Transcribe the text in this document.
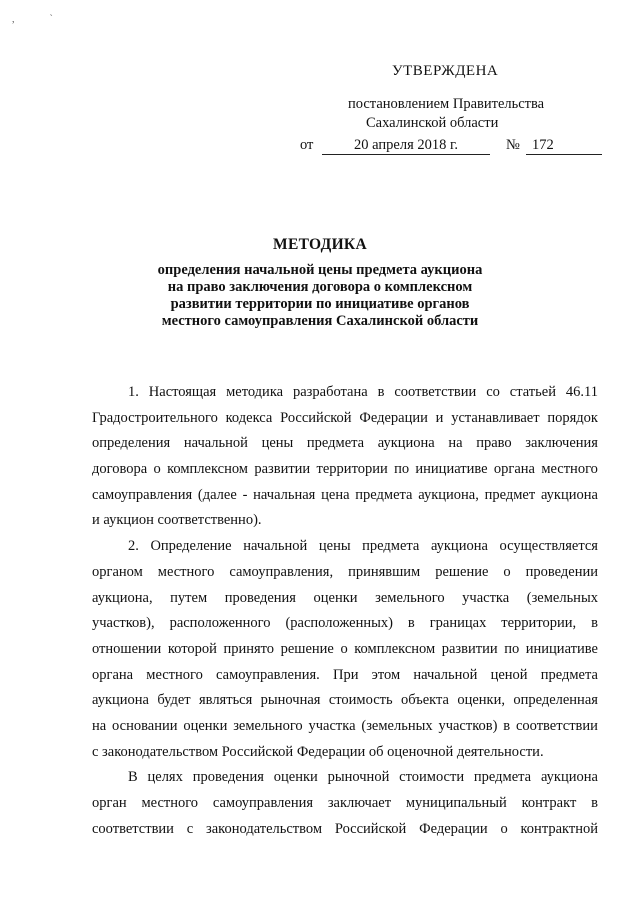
,              `
УТВЕРЖДЕНА
постановлением Правительства
Сахалинской области
от	20 апреля 2018 г.	№ 172
МЕТОДИКА
определения начальной цены предмета аукциона
на право заключения договора о комплексном
развитии территории по инициативе органов
местного самоуправления Сахалинской области
1. Настоящая методика разработана в соответствии со статьей 46.11
Градостроительного кодекса Российской Федерации и устанавливает порядок
определения начальной цены предмета аукциона на право заключения
договора о комплексном развитии территории по инициативе органа местного
самоуправления (далее - начальная цена предмета аукциона, предмет аукциона
и аукцион соответственно).
2. Определение начальной цены предмета аукциона осуществляется
органом местного самоуправления, принявшим решение о проведении
аукциона, путем проведения оценки земельного участка (земельных
участков), расположенного (расположенных) в границах территории, в
отношении которой принято решение о комплексном развитии по инициативе
органа местного самоуправления. При этом начальной ценой предмета
аукциона будет являться рыночная стоимость объекта оценки, определенная
на основании оценки земельного участка (земельных участков) в соответствии
с законодательством Российской Федерации об оценочной деятельности.
В целях проведения оценки рыночной стоимости предмета аукциона
орган местного самоуправления заключает муниципальный контракт в
соответствии с законодательством Российской Федерации о контрактной
